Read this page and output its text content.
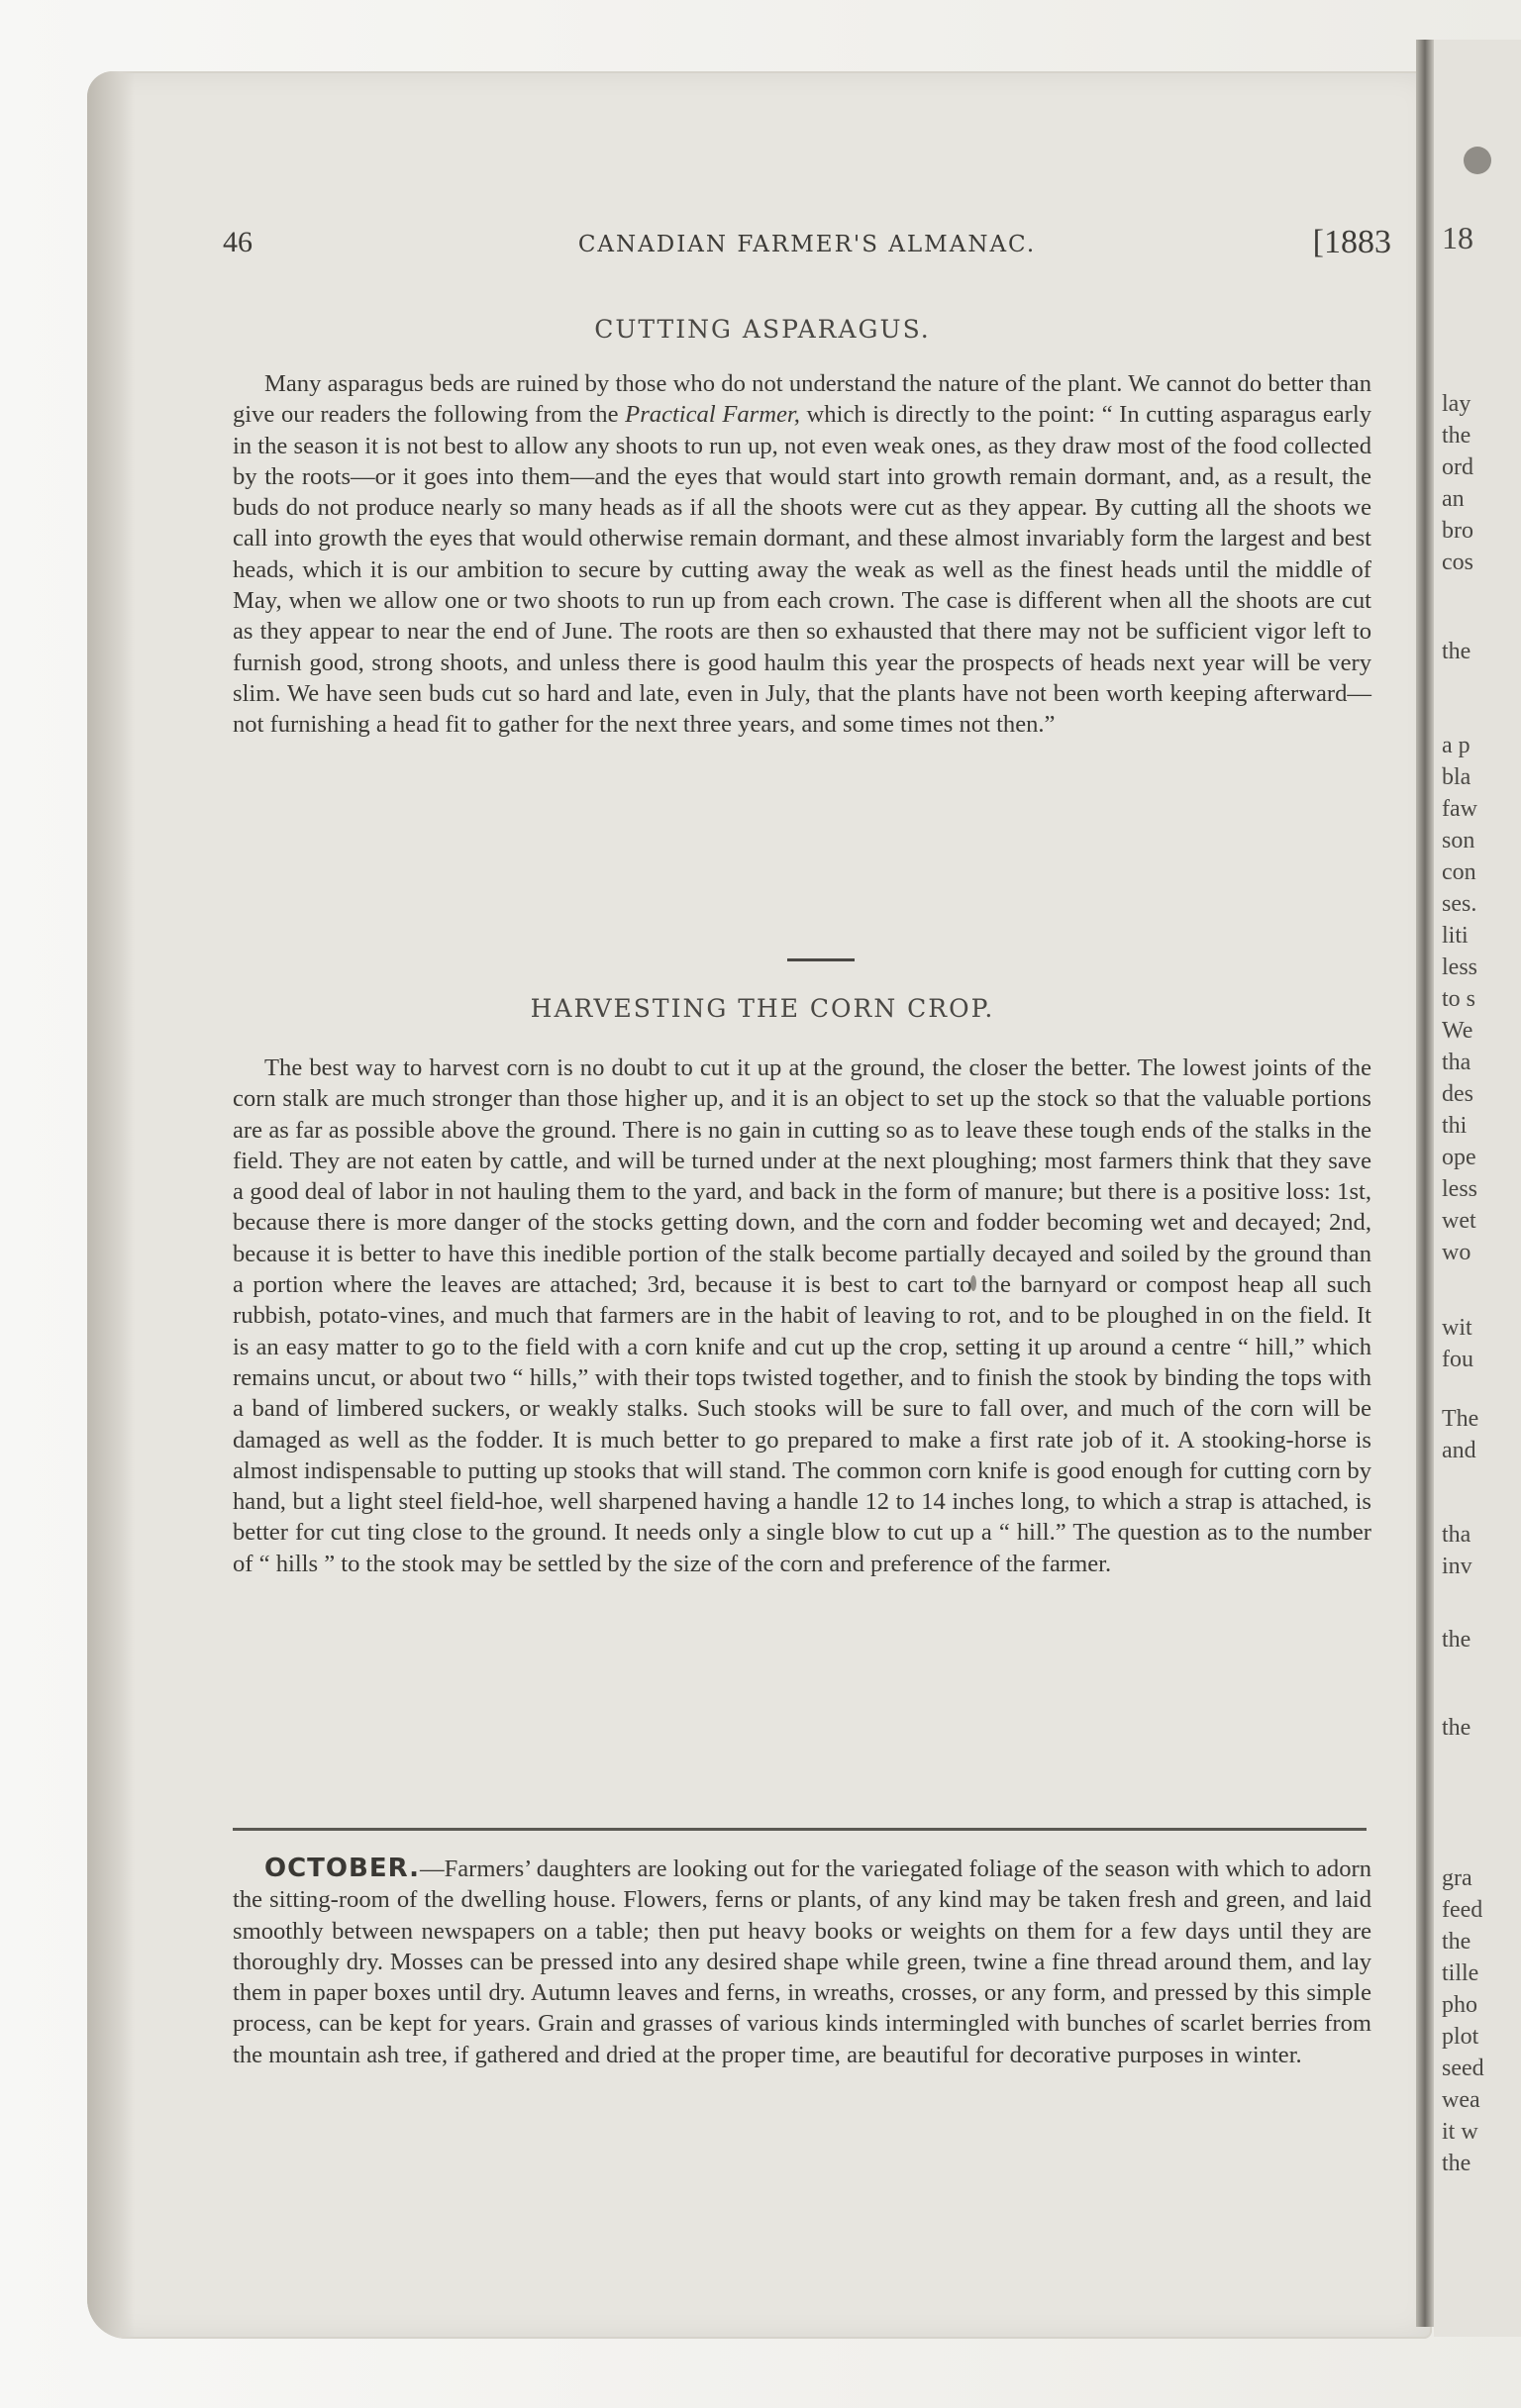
18
lay
the
ord
an
bro
cos
the
a p
bla
faw
son
con
ses.
liti
less
to s
We
tha
des
thi
ope
less
wet
wo
wit
fou
The
and
tha
inv
the
the
gra
feed
the
tille
pho
plot
seed
wea
it w
the
46	CANADIAN FARMER'S ALMANAC.	[1883
CUTTING ASPARAGUS.

Many asparagus beds are ruined by those who do not understand the nature of the plant. We cannot do better than give our readers the following from the Practical Farmer, which is directly to the point: “ In cutting asparagus early in the season it is not best to allow any shoots to run up, not even weak ones, as they draw most of the food collected by the roots—or it goes into them—and the eyes that would start into growth remain dormant, and, as a result, the buds do not produce nearly so many heads as if all the shoots were cut as they appear. By cutting all the shoots we call into growth the eyes that would otherwise remain dormant, and these almost invariably form the largest and best heads, which it is our ambition to secure by cutting away the weak as well as the finest heads until the middle of May, when we allow one or two shoots to run up from each crown. The case is different when all the shoots are cut as they appear to near the end of June. The roots are then so exhausted that there may not be sufficient vigor left to furnish good, strong shoots, and unless there is good haulm this year the prospects of heads next year will be very slim. We have seen buds cut so hard and late, even in July, that the plants have not been worth keeping afterward—not furnishing a head fit to gather for the next three years, and some times not then.”

HARVESTING THE CORN CROP.

The best way to harvest corn is no doubt to cut it up at the ground, the closer the better. The lowest joints of the corn stalk are much stronger than those higher up, and it is an object to set up the stock so that the valuable portions are as far as possible above the ground. There is no gain in cutting so as to leave these tough ends of the stalks in the field. They are not eaten by cattle, and will be turned under at the next ploughing; most farmers think that they save a good deal of labor in not hauling them to the yard, and back in the form of manure; but there is a positive loss: 1st, because there is more danger of the stocks getting down, and the corn and fodder becoming wet and decayed; 2nd, because it is better to have this inedible portion of the stalk become partially decayed and soiled by the ground than a portion where the leaves are attached; 3rd, because it is best to cart to the barnyard or compost heap all such rubbish, potato-vines, and much that farmers are in the habit of leaving to rot, and to be ploughed in on the field. It is an easy matter to go to the field with a corn knife and cut up the crop, setting it up around a centre “ hill,” which remains uncut, or about two “ hills,” with their tops twisted together, and to finish the stook by binding the tops with a band of limbered suckers, or weakly stalks. Such stooks will be sure to fall over, and much of the corn will be damaged as well as the fodder. It is much better to go prepared to make a first rate job of it. A stooking-horse is almost indispensable to putting up stooks that will stand. The common corn knife is good enough for cutting corn by hand, but a light steel field-hoe, well sharpened having a handle 12 to 14 inches long, to which a strap is attached, is better for cut ting close to the ground. It needs only a single blow to cut up a “ hill.” The question as to the number of “ hills ” to the stook may be settled by the size of the corn and preference of the farmer.

OCTOBER.—Farmers’ daughters are looking out for the variegated foliage of the season with which to adorn the sitting-room of the dwelling house. Flowers, ferns or plants, of any kind may be taken fresh and green, and laid smoothly between newspapers on a table; then put heavy books or weights on them for a few days until they are thoroughly dry. Mosses can be pressed into any desired shape while green, twine a fine thread around them, and lay them in paper boxes until dry. Autumn leaves and ferns, in wreaths, crosses, or any form, and pressed by this simple process, can be kept for years. Grain and grasses of various kinds intermingled with bunches of scarlet berries from the mountain ash tree, if gathered and dried at the proper time, are beautiful for decorative purposes in winter.
